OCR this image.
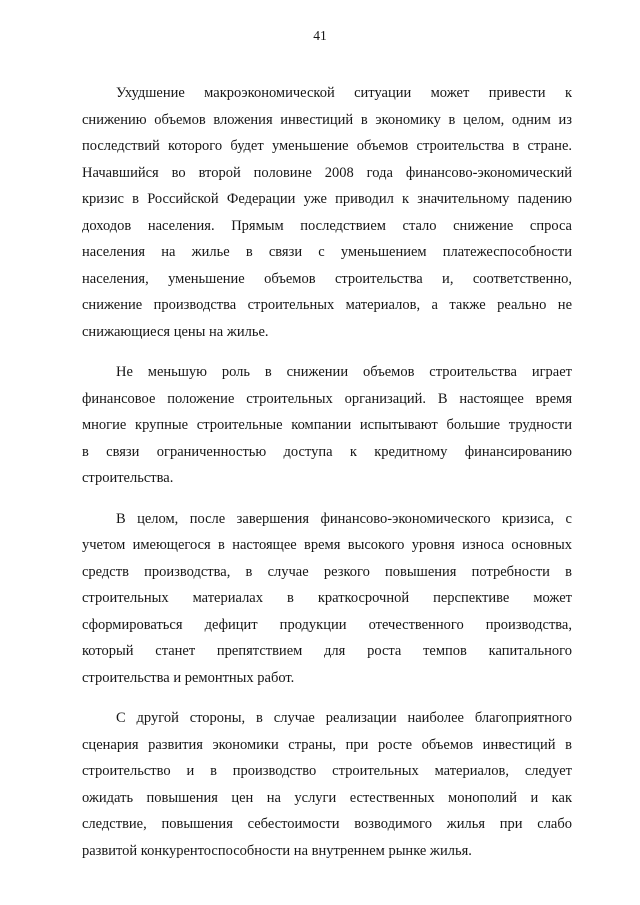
41
Ухудшение макроэкономической ситуации может привести к
снижению объемов вложения инвестиций в экономику в целом, одним из
последствий которого будет уменьшение объемов строительства в стране.
Начавшийся во второй половине 2008 года финансово-экономический
кризис в Российской Федерации уже приводил к значительному падению
доходов населения. Прямым последствием стало снижение спроса
населения на жилье в связи с уменьшением платежеспособности
населения, уменьшение объемов строительства и, соответственно,
снижение производства строительных материалов, а также реально не
снижающиеся цены на жилье.
Не меньшую роль в снижении объемов строительства играет
финансовое положение строительных организаций. В настоящее время
многие крупные строительные компании испытывают большие трудности
в связи ограниченностью доступа к кредитному финансированию
строительства.
В целом, после завершения финансово-экономического кризиса, с
учетом имеющегося в настоящее время высокого уровня износа основных
средств производства, в случае резкого повышения потребности в
строительных материалах в краткосрочной перспективе может
сформироваться дефицит продукции отечественного производства,
который станет препятствием для роста темпов капитального
строительства и ремонтных работ.
С другой стороны, в случае реализации наиболее благоприятного
сценария развития экономики страны, при росте объемов инвестиций в
строительство и в производство строительных материалов, следует
ожидать повышения цен на услуги естественных монополий и как
следствие, повышения себестоимости возводимого жилья при слабо
развитой конкурентоспособности на внутреннем рынке жилья.
